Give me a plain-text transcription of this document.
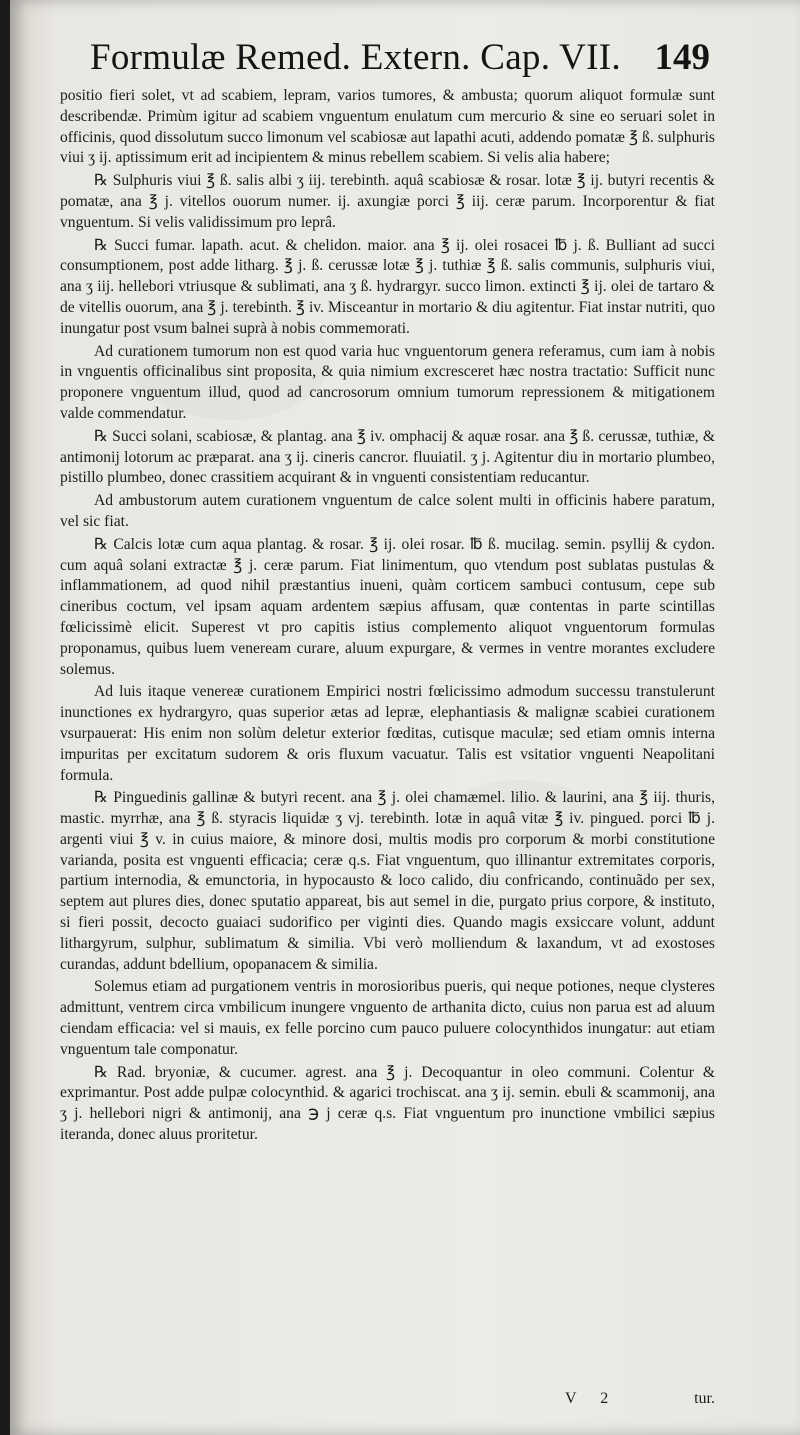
Formulæ Remed. Extern. Cap. VII. 149

positio fieri solet, vt ad scabiem, lepram, varios tumores, & ambusta; quorum aliquot formulæ sunt describendæ. Primùm igitur ad scabiem vnguentum enulatum cum mercurio & sine eo seruari solet in officinis, quod dissolutum succo limonum vel scabiosæ aut lapathi acuti, addendo pomatæ ℥ ß. sulphuris viui ʒ ij. aptissimum erit ad incipientem & minus rebellem scabiem. Si velis alia habere;

℞ Sulphuris viui ℥ ß. salis albi ʒ iij. terebinth. aquâ scabiosæ & rosar. lotæ ℥ ij. butyri recentis & pomatæ, ana ℥ j. vitellos ouorum numer. ij. axungiæ porci ℥ iij. ceræ parum. Incorporentur & fiat vnguentum. Si velis validissimum pro leprâ.

℞ Succi fumar. lapath. acut. & chelidon. maior. ana ℥ ij. olei rosacei ℔ j. ß. Bulliant ad succi consumptionem, post adde litharg. ℥ j. ß. cerussæ lotæ ℥ j. tuthiæ ℥ ß. salis communis, sulphuris viui, ana ʒ iij. hellebori vtriusque & sublimati, ana ʒ ß. hydrargyr. succo limon. extincti ℥ ij. olei de tartaro & de vitellis ouorum, ana ℥ j. terebinth. ℥ iv. Misceantur in mortario & diu agitentur. Fiat instar nutriti, quo inungatur post vsum balnei suprà à nobis commemorati.

Ad curationem tumorum non est quod varia huc vnguentorum genera referamus, cum iam à nobis in vnguentis officinalibus sint proposita, & quia nimium excresceret hæc nostra tractatio: Sufficit nunc proponere vnguentum illud, quod ad cancrosorum omnium tumorum repressionem & mitigationem valde commendatur.

℞ Succi solani, scabiosæ, & plantag. ana ℥ iv. omphacij & aquæ rosar. ana ℥ ß. cerussæ, tuthiæ, & antimonij lotorum ac præparat. ana ʒ ij. cineris cancror. fluuiatil. ʒ j. Agitentur diu in mortario plumbeo, pistillo plumbeo, donec crassitiem acquirant & in vnguenti consistentiam reducantur.

Ad ambustorum autem curationem vnguentum de calce solent multi in officinis habere paratum, vel sic fiat.

℞ Calcis lotæ cum aqua plantag. & rosar. ℥ ij. olei rosar. ℔ ß. mucilag. semin. psyllij & cydon. cum aquâ solani extractæ ℥ j. ceræ parum. Fiat linimentum, quo vtendum post sublatas pustulas & inflammationem, ad quod nihil præstantius inueni, quàm corticem sambuci contusum, cepe sub cineribus coctum, vel ipsam aquam ardentem sæpius affusam, quæ contentas in parte scintillas fœlicissimè elicit. Superest vt pro capitis istius complemento aliquot vnguentorum formulas proponamus, quibus luem veneream curare, aluum expurgare, & vermes in ventre morantes excludere solemus.

Ad luis itaque venereæ curationem Empirici nostri fœlicissimo admodum successu transtulerunt inunctiones ex hydrargyro, quas superior ætas ad lepræ, elephantiasis & malignæ scabiei curationem vsurpauerat: His enim non solùm deletur exterior fœditas, cutisque maculæ; sed etiam omnis interna impuritas per excitatum sudorem & oris fluxum vacuatur. Talis est vsitatior vnguenti Neapolitani formula.

℞ Pinguedinis gallinæ & butyri recent. ana ℥ j. olei chamæmel. lilio. & laurini, ana ℥ iij. thuris, mastic. myrrhæ, ana ℥ ß. styracis liquidæ ʒ vj. terebinth. lotæ in aquâ vitæ ℥ iv. pingued. porci ℔ j. argenti viui ℥ v. in cuius maiore, & minore dosi, multis modis pro corporum & morbi constitutione varianda, posita est vnguenti efficacia; ceræ q.s. Fiat vnguentum, quo illinantur extremitates corporis, partium internodia, & emunctoria, in hypocausto & loco calido, diu confricando, continuãdo per sex, septem aut plures dies, donec sputatio appareat, bis aut semel in die, purgato prius corpore, & instituto, si fieri possit, decocto guaiaci sudorifico per viginti dies. Quando magis exsiccare volunt, addunt lithargyrum, sulphur, sublimatum & similia. Vbi verò molliendum & laxandum, vt ad exostoses curandas, addunt bdellium, opopanacem & similia.

Solemus etiam ad purgationem ventris in morosioribus pueris, qui neque potiones, neque clysteres admittunt, ventrem circa vmbilicum inungere vnguento de arthanita dicto, cuius non parua est ad aluum ciendam efficacia: vel si mauis, ex felle porcino cum pauco puluere colocynthidos inungatur: aut etiam vnguentum tale componatur.

℞ Rad. bryoniæ, & cucumer. agrest. ana ℥ j. Decoquantur in oleo communi. Colentur & exprimantur. Post adde pulpæ colocynthid. & agarici trochiscat. ana ʒ ij. semin. ebuli & scammonij, ana ʒ j. hellebori nigri & antimonij, ana ℈ j ceræ q.s. Fiat vnguentum pro inunctione vmbilici sæpius iteranda, donec aluus proritetur.

V 2	tur.
